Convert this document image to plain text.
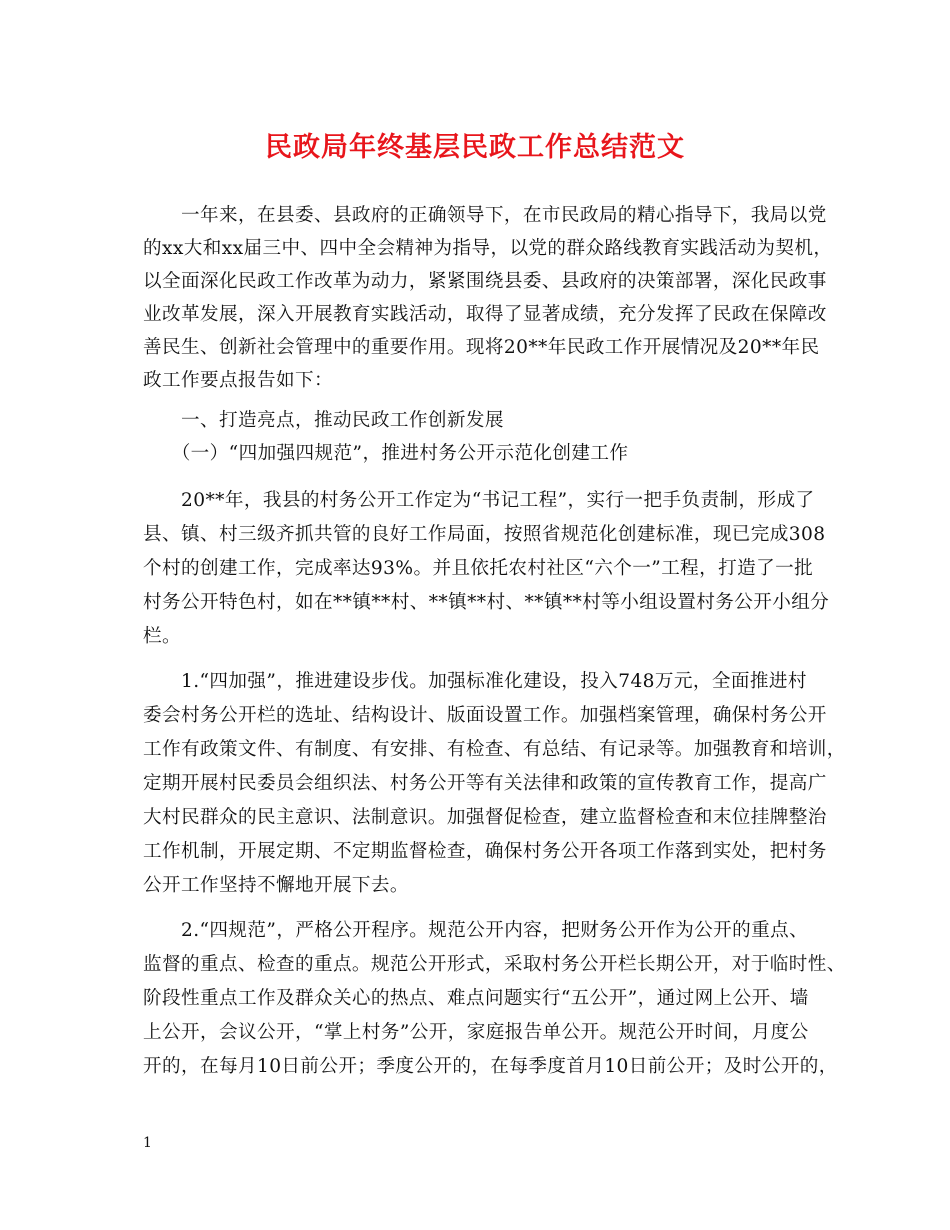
民政局年终基层民政工作总结范文
　　一年来，在县委、县政府的正确领导下，在市民政局的精心指导下，我局以党
的xx大和xx届三中、四中全会精神为指导，以党的群众路线教育实践活动为契机，
以全面深化民政工作改革为动力，紧紧围绕县委、县政府的决策部署，深化民政事
业改革发展，深入开展教育实践活动，取得了显著成绩，充分发挥了民政在保障改
善民生、创新社会管理中的重要作用。现将20**年民政工作开展情况及20**年民
政工作要点报告如下：
　　一、打造亮点，推动民政工作创新发展
　　（一）“四加强四规范”，推进村务公开示范化创建工作
　　20**年，我县的村务公开工作定为“书记工程”，实行一把手负责制，形成了
县、镇、村三级齐抓共管的良好工作局面，按照省规范化创建标准，现已完成308
个村的创建工作，完成率达93%。并且依托农村社区“六个一”工程，打造了一批
村务公开特色村，如在**镇**村、**镇**村、**镇**村等小组设置村务公开小组分
栏。
　　1.“四加强”，推进建设步伐。加强标准化建设，投入748万元，全面推进村
委会村务公开栏的选址、结构设计、版面设置工作。加强档案管理，确保村务公开
工作有政策文件、有制度、有安排、有检查、有总结、有记录等。加强教育和培训，
定期开展村民委员会组织法、村务公开等有关法律和政策的宣传教育工作，提高广
大村民群众的民主意识、法制意识。加强督促检查，建立监督检查和末位挂牌整治
工作机制，开展定期、不定期监督检查，确保村务公开各项工作落到实处，把村务
公开工作坚持不懈地开展下去。
　　2.“四规范”，严格公开程序。规范公开内容，把财务公开作为公开的重点、
监督的重点、检查的重点。规范公开形式，采取村务公开栏长期公开，对于临时性、
阶段性重点工作及群众关心的热点、难点问题实行“五公开”，通过网上公开、墙
上公开，会议公开，“掌上村务”公开，家庭报告单公开。规范公开时间，月度公
开的，在每月10日前公开；季度公开的，在每季度首月10日前公开；及时公开的，
1
